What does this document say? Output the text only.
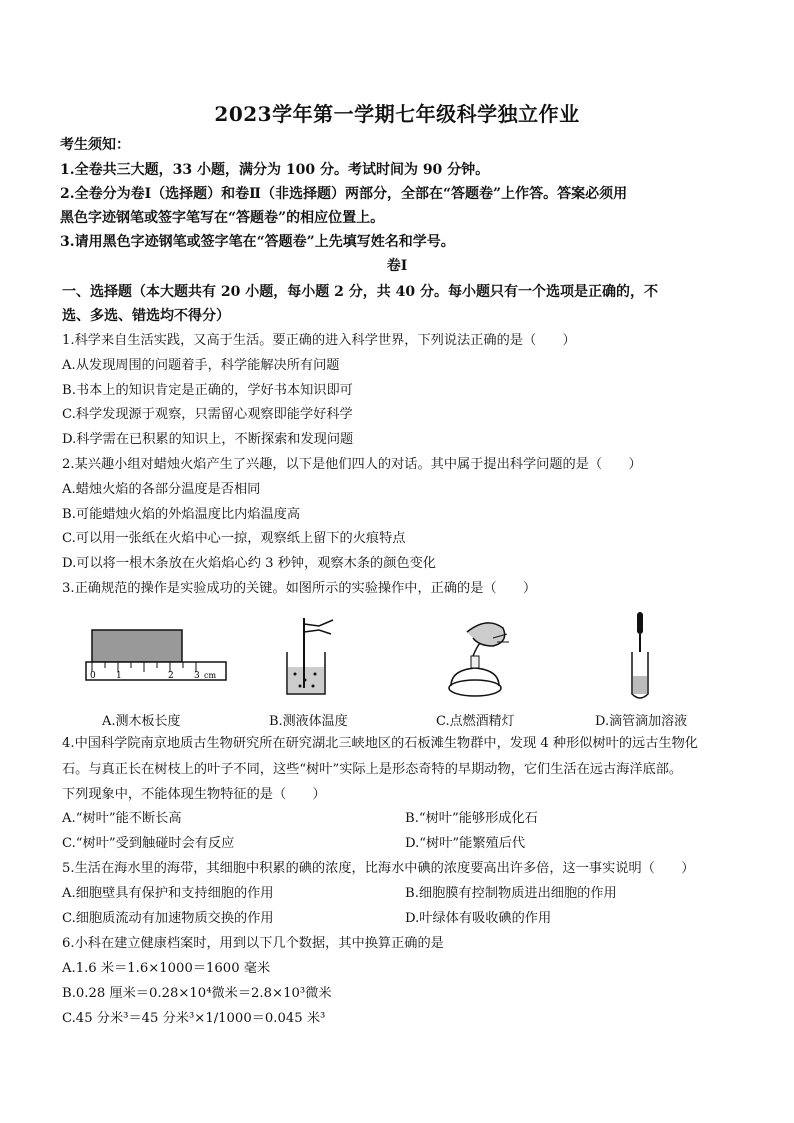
2023学年第一学期七年级科学独立作业
考生须知：
1.全卷共三大题，33 小题，满分为 100 分。考试时间为 90 分钟。
2.全卷分为卷Ⅰ（选择题）和卷Ⅱ（非选择题）两部分，全部在“答题卷”上作答。答案必须用
黑色字迹钢笔或签字笔写在“答题卷”的相应位置上。
3.请用黑色字迹钢笔或签字笔在“答题卷”上先填写姓名和学号。
卷Ⅰ
一、选择题（本大题共有 20 小题，每小题 2 分，共 40 分。每小题只有一个选项是正确的，不
选、多选、错选均不得分）
1.科学来自生活实践，又高于生活。要正确的进入科学世界，下列说法正确的是（　　）
A.从发现周围的问题着手，科学能解决所有问题
B.书本上的知识肯定是正确的，学好书本知识即可
C.科学发现源于观察，只需留心观察即能学好科学
D.科学需在已积累的知识上，不断探索和发现问题
2.某兴趣小组对蜡烛火焰产生了兴趣，以下是他们四人的对话。其中属于提出科学问题的是（　　）
A.蜡烛火焰的各部分温度是否相同
B.可能蜡烛火焰的外焰温度比内焰温度高
C.可以用一张纸在火焰中心一掠，观察纸上留下的火痕特点
D.可以将一根木条放在火焰焰心约 3 秒钟，观察木条的颜色变化
3.正确规范的操作是实验成功的关键。如图所示的实验操作中，正确的是（　　）
0 1	2 3 cm
A.测木板长度	B.测液体温度	C.点燃酒精灯	D.滴管滴加溶液
4.中国科学院南京地质古生物研究所在研究湖北三峡地区的石板滩生物群中，发现 4 种形似树叶的远古生物化
石。与真正长在树枝上的叶子不同，这些“树叶”实际上是形态奇特的早期动物，它们生活在远古海洋底部。
下列现象中，不能体现生物特征的是（　　）
A.“树叶”能不断长高	B.“树叶”能够形成化石
C.“树叶”受到触碰时会有反应	D.“树叶”能繁殖后代
5.生活在海水里的海带，其细胞中积累的碘的浓度，比海水中碘的浓度要高出许多倍，这一事实说明（　　）
A.细胞壁具有保护和支持细胞的作用	B.细胞膜有控制物质进出细胞的作用
C.细胞质流动有加速物质交换的作用	D.叶绿体有吸收碘的作用
6.小科在建立健康档案时，用到以下几个数据，其中换算正确的是
A.1.6 米＝1.6×1000＝1600 毫米
B.0.28 厘米＝0.28×10⁴微米＝2.8×10³微米
C.45 分米³＝45 分米³×1/1000＝0.045 米³
